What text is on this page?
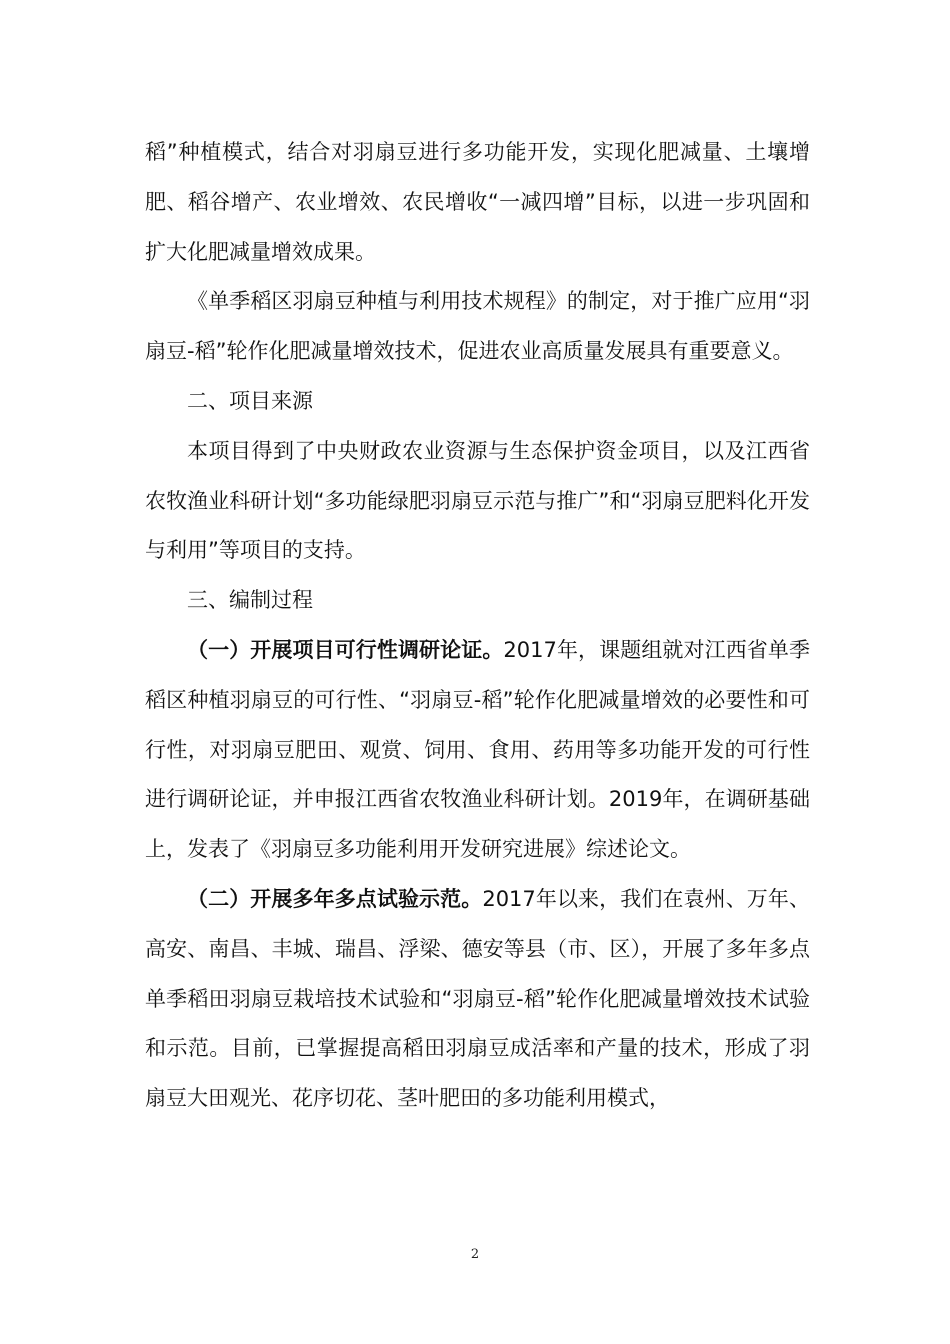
稻”种植模式，结合对羽扇豆进行多功能开发，实现化肥减量、土壤增肥、稻谷增产、农业增效、农民增收“一减四增”目标，以进一步巩固和扩大化肥减量增效成果。

《单季稻区羽扇豆种植与利用技术规程》的制定，对于推广应用“羽扇豆-稻”轮作化肥减量增效技术，促进农业高质量发展具有重要意义。

二、项目来源

本项目得到了中央财政农业资源与生态保护资金项目，以及江西省农牧渔业科研计划“多功能绿肥羽扇豆示范与推广”和“羽扇豆肥料化开发与利用”等项目的支持。

三、编制过程

（一）开展项目可行性调研论证。2017年，课题组就对江西省单季稻区种植羽扇豆的可行性、“羽扇豆-稻”轮作化肥减量增效的必要性和可行性，对羽扇豆肥田、观赏、饲用、食用、药用等多功能开发的可行性进行调研论证，并申报江西省农牧渔业科研计划。2019年，在调研基础上，发表了《羽扇豆多功能利用开发研究进展》综述论文。

（二）开展多年多点试验示范。2017年以来，我们在袁州、万年、高安、南昌、丰城、瑞昌、浮梁、德安等县（市、区），开展了多年多点单季稻田羽扇豆栽培技术试验和“羽扇豆-稻”轮作化肥减量增效技术试验和示范。目前，已掌握提高稻田羽扇豆成活率和产量的技术，形成了羽扇豆大田观光、花序切花、茎叶肥田的多功能利用模式，

2
